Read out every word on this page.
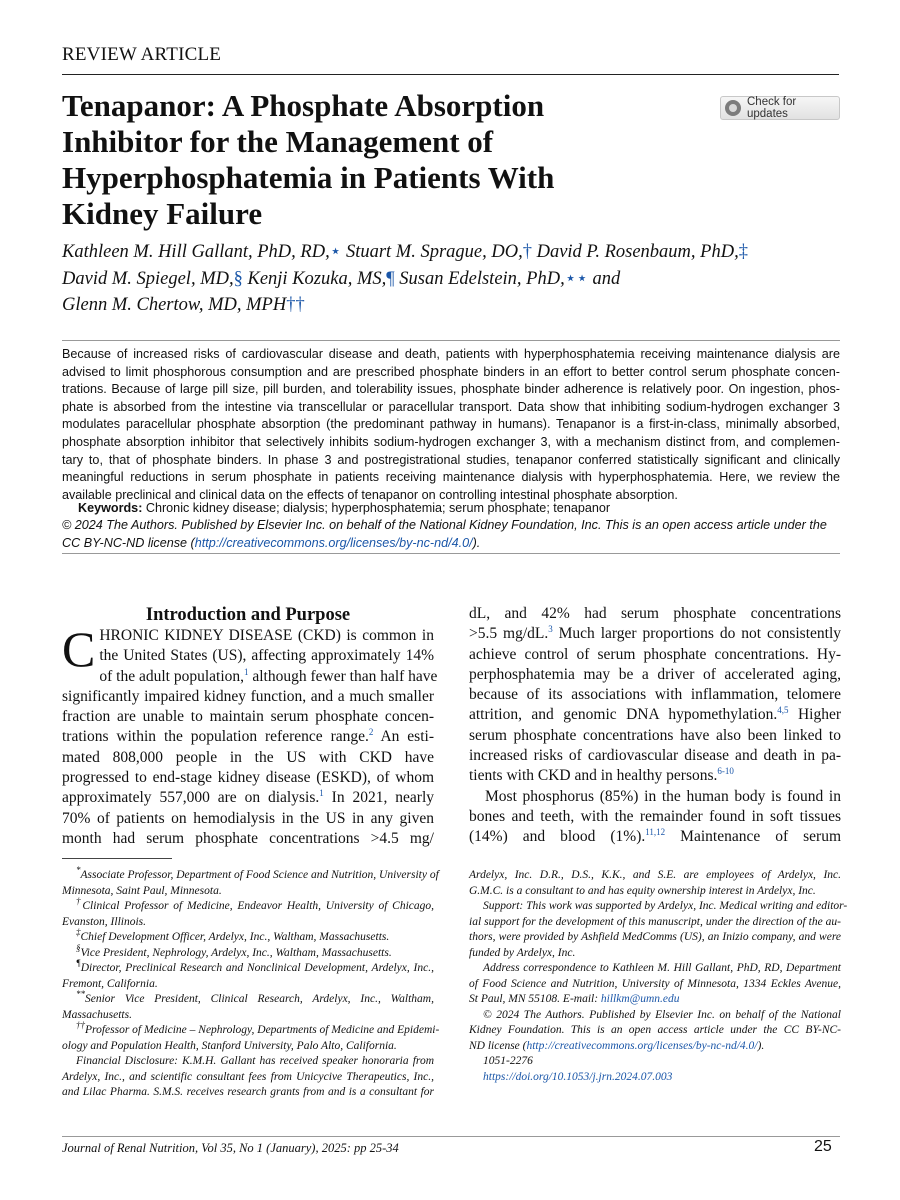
REVIEW ARTICLE
Tenapanor: A Phosphate Absorption
Inhibitor for the Management of
Hyperphosphatemia in Patients With
Kidney Failure
Check for updates
Kathleen M. Hill Gallant, PhD, RD,⋆ Stuart M. Sprague, DO,† David P. Rosenbaum, PhD,‡
David M. Spiegel, MD,§ Kenji Kozuka, MS,¶ Susan Edelstein, PhD,⋆⋆ and
Glenn M. Chertow, MD, MPH††
Because of increased risks of cardiovascular disease and death, patients with hyperphosphatemia receiving maintenance dialysis are
advised to limit phosphorous consumption and are prescribed phosphate binders in an effort to better control serum phosphate concen-
trations. Because of large pill size, pill burden, and tolerability issues, phosphate binder adherence is relatively poor. On ingestion, phos-
phate is absorbed from the intestine via transcellular or paracellular transport. Data show that inhibiting sodium-hydrogen exchanger 3
modulates paracellular phosphate absorption (the predominant pathway in humans). Tenapanor is a first-in-class, minimally absorbed,
phosphate absorption inhibitor that selectively inhibits sodium-hydrogen exchanger 3, with a mechanism distinct from, and complemen-
tary to, that of phosphate binders. In phase 3 and postregistrational studies, tenapanor conferred statistically significant and clinically
meaningful reductions in serum phosphate in patients receiving maintenance dialysis with hyperphosphatemia. Here, we review the
available preclinical and clinical data on the effects of tenapanor on controlling intestinal phosphate absorption.
Keywords: Chronic kidney disease; dialysis; hyperphosphatemia; serum phosphate; tenapanor
© 2024 The Authors. Published by Elsevier Inc. on behalf of the National Kidney Foundation, Inc. This is an open access article under the
CC BY-NC-ND license (http://creativecommons.org/licenses/by-nc-nd/4.0/).
Introduction and Purpose
C HRONIC KIDNEY DISEASE (CKD) is common in
the United States (US), affecting approximately 14%
of the adult population,$^1$ although fewer than half have
significantly impaired kidney function, and a much smaller
fraction are unable to maintain serum phosphate concen-
trations within the population reference range.$^2$ An esti-
mated 808,000 people in the US with CKD have
progressed to end-stage kidney disease (ESKD), of whom
approximately 557,000 are on dialysis.$^1$ In 2021, nearly
70% of patients on hemodialysis in the US in any given
month had serum phosphate concentrations >4.5 mg/
dL, and 42% had serum phosphate concentrations
>5.5 mg/dL.$^3$ Much larger proportions do not consistently
achieve control of serum phosphate concentrations. Hy-
perphosphatemia may be a driver of accelerated aging,
because of its associations with inflammation, telomere
attrition, and genomic DNA hypomethylation.$^{4,5}$ Higher
serum phosphate concentrations have also been linked to
increased risks of cardiovascular disease and death in pa-
tients with CKD and in healthy persons.$^{6-10}$
Most phosphorus (85%) in the human body is found in
bones and teeth, with the remainder found in soft tissues
(14%) and blood (1%).$^{11,12}$ Maintenance of serum
*Associate Professor, Department of Food Science and Nutrition, University of
Minnesota, Saint Paul, Minnesota.
†Clinical Professor of Medicine, Endeavor Health, University of Chicago,
Evanston, Illinois.
‡Chief Development Officer, Ardelyx, Inc., Waltham, Massachusetts.
§Vice President, Nephrology, Ardelyx, Inc., Waltham, Massachusetts.
¶Director, Preclinical Research and Nonclinical Development, Ardelyx, Inc.,
Fremont, California.
**Senior Vice President, Clinical Research, Ardelyx, Inc., Waltham,
Massachusetts.
††Professor of Medicine – Nephrology, Departments of Medicine and Epidemi-
ology and Population Health, Stanford University, Palo Alto, California.
Financial Disclosure: K.M.H. Gallant has received speaker honoraria from
Ardelyx, Inc., and scientific consultant fees from Unicycive Therapeutics, Inc.,
and Lilac Pharma. S.M.S. receives research grants from and is a consultant for
Ardelyx, Inc. D.R., D.S., K.K., and S.E. are employees of Ardelyx, Inc.
G.M.C. is a consultant to and has equity ownership interest in Ardelyx, Inc.
Support: This work was supported by Ardelyx, Inc. Medical writing and editor-
ial support for the development of this manuscript, under the direction of the au-
thors, were provided by Ashfield MedComms (US), an Inizio company, and were
funded by Ardelyx, Inc.
Address correspondence to Kathleen M. Hill Gallant, PhD, RD, Department
of Food Science and Nutrition, University of Minnesota, 1334 Eckles Avenue,
St Paul, MN 55108. E-mail: hillkm@umn.edu
© 2024 The Authors. Published by Elsevier Inc. on behalf of the National
Kidney Foundation. This is an open access article under the CC BY-NC-
ND license (http://creativecommons.org/licenses/by-nc-nd/4.0/).
1051-2276
https://doi.org/10.1053/j.jrn.2024.07.003
Journal of Renal Nutrition, Vol 35, No 1 (January), 2025: pp 25-34	25
